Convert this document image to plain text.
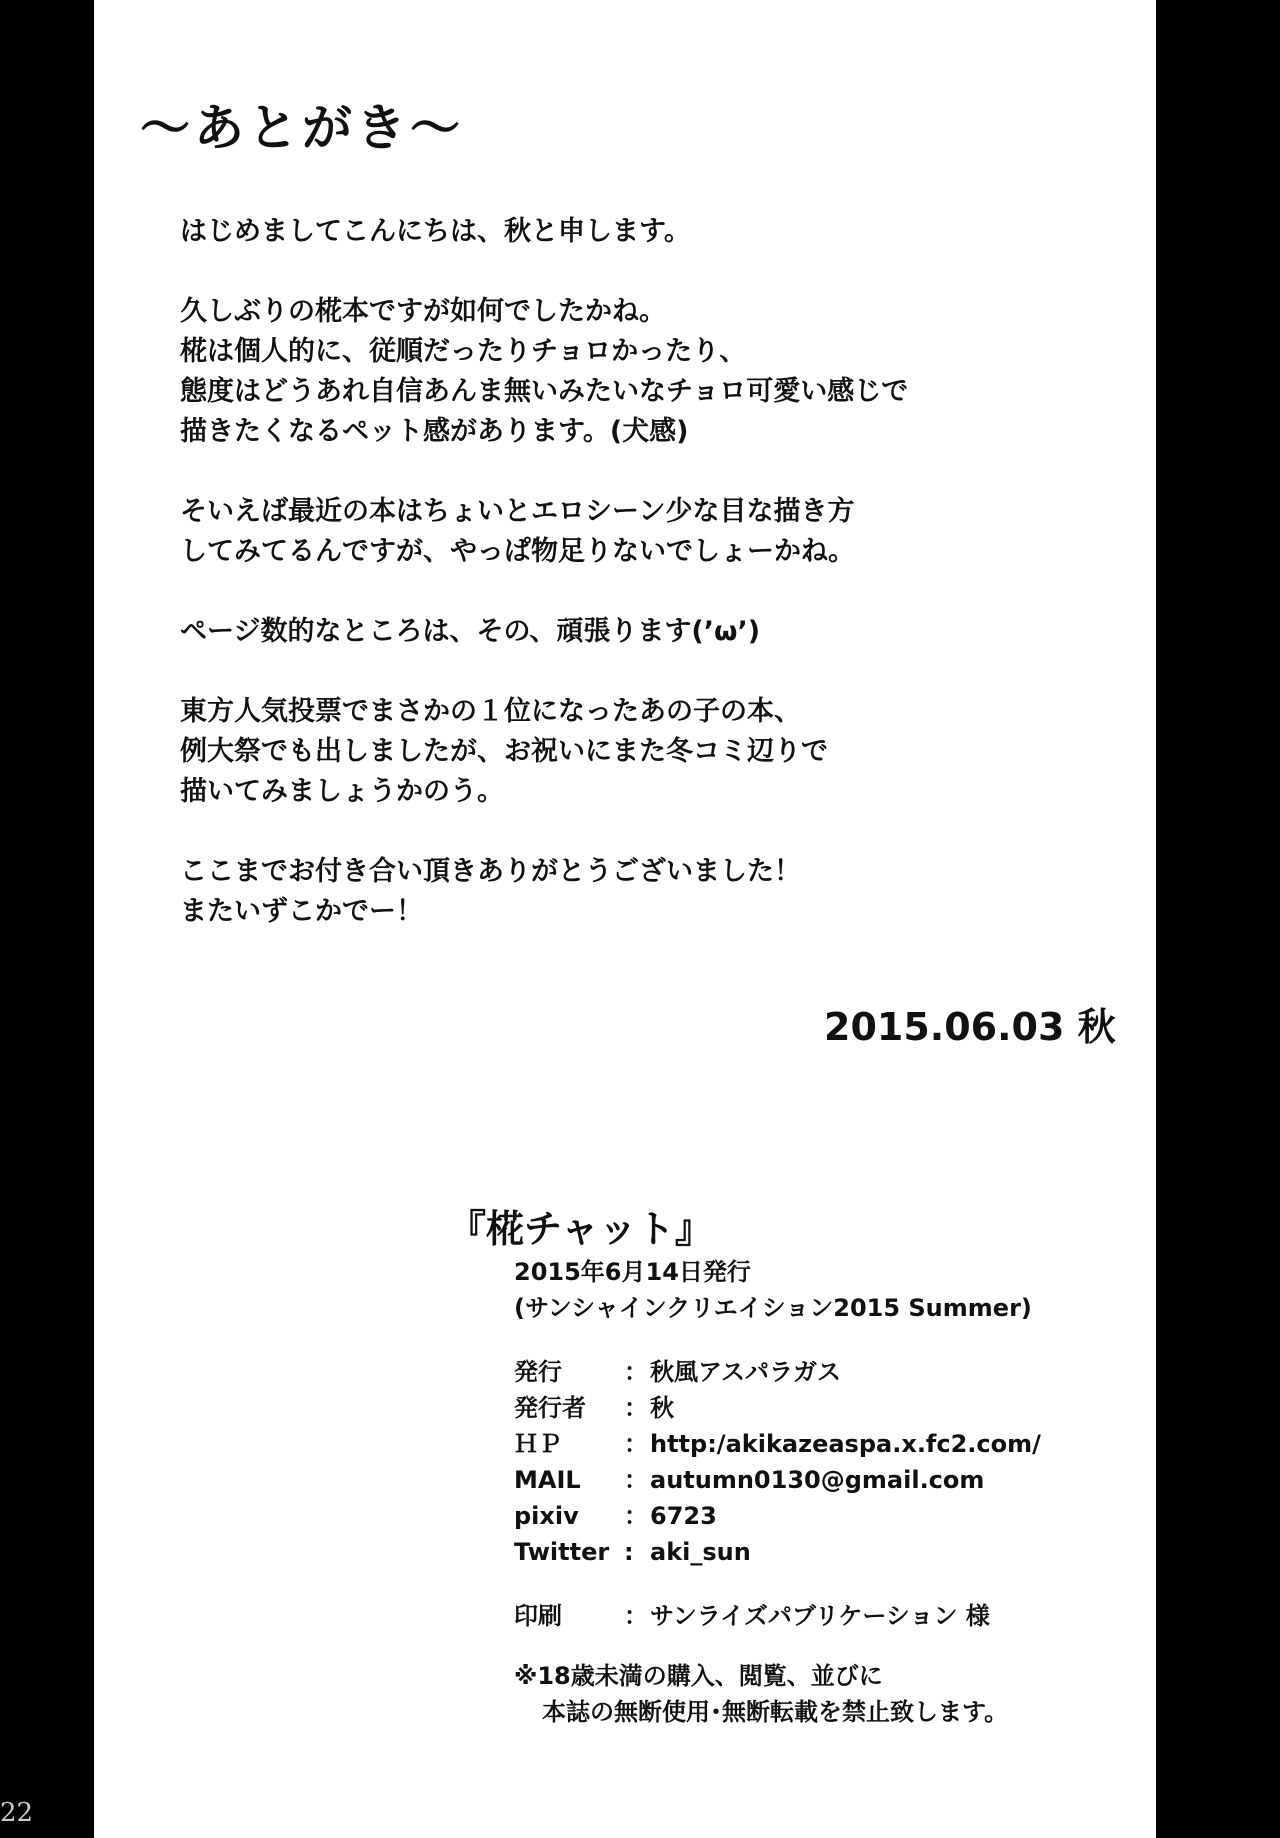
22
～あとがき～
はじめましてこんにちは、秋と申します。
久しぶりの椛本ですが如何でしたかね。
椛は個人的に、従順だったりチョロかったり、
態度はどうあれ自信あんま無いみたいなチョロ可愛い感じで
描きたくなるペット感があります。(犬感)
そいえば最近の本はちょいとエロシーン少な目な描き方
してみてるんですが、やっぱ物足りないでしょーかね。
ページ数的なところは、その、頑張ります(’ω’)
東方人気投票でまさかの１位になったあの子の本、
例大祭でも出しましたが、お祝いにまた冬コミ辺りで
描いてみましょうかのう。
ここまでお付き合い頂きありがとうございました！
またいずこかでー！
2015.06.03 秋
『椛チャット』
2015年6月14日発行
(サンシャインクリエイション2015 Summer)
発行	： 秋風アスパラガス
発行者	： 秋
ＨＰ	： http:/akikazeaspa.x.fc2.com/
MAIL	： autumn0130@gmail.com
pixiv	： 6723
Twitter : aki_sun
印刷	： サンライズパブリケーション 様
※18歳未満の購入、閲覧、並びに
本誌の無断使用･無断転載を禁止致します。
